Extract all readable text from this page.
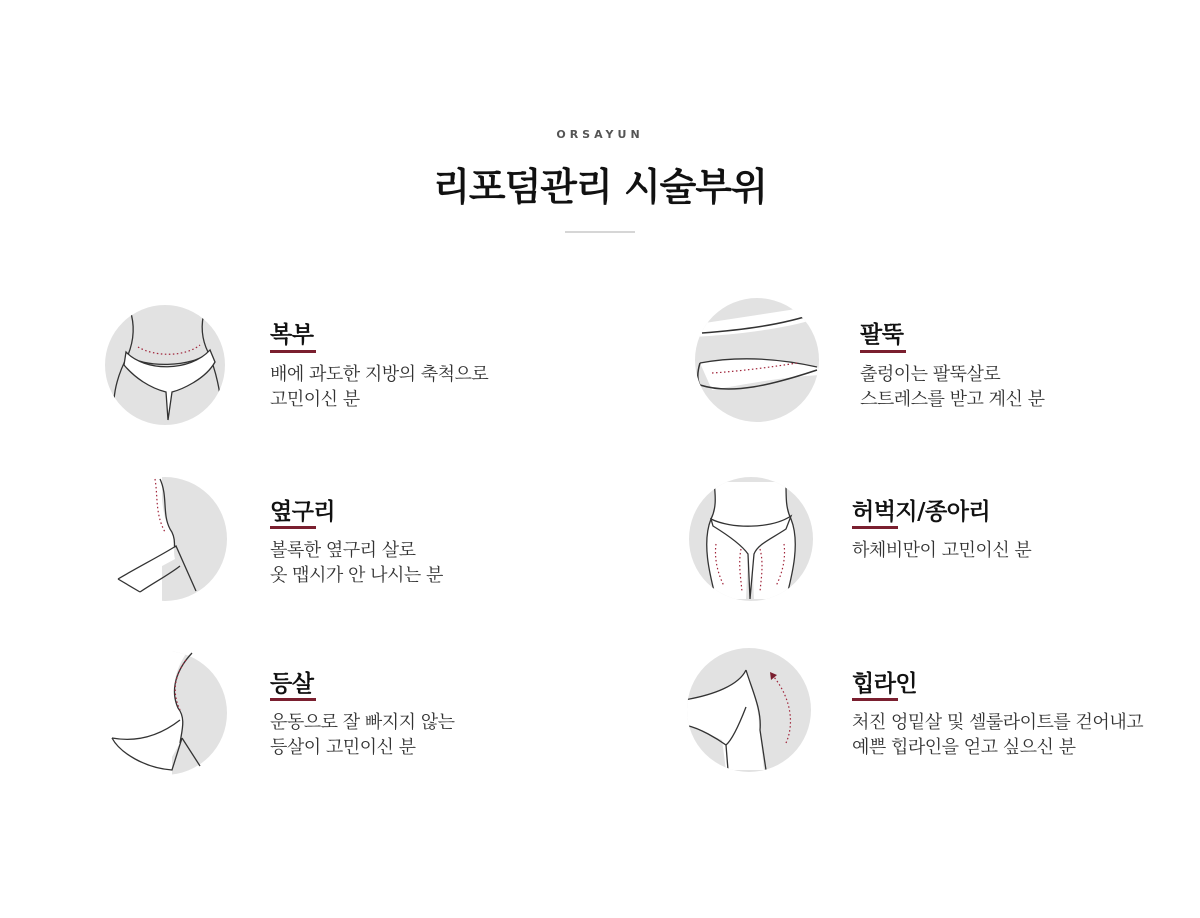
ORSAYUN
리포덤관리 시술부위
복부
배에 과도한 지방의 축척으로
고민이신 분
팔뚝
출렁이는 팔뚝살로
스트레스를 받고 계신 분
옆구리
볼록한 옆구리 살로
옷 맵시가 안 나시는 분
허벅지/종아리
하체비만이 고민이신 분
등살
운동으로 잘 빠지지 않는
등살이 고민이신 분
힙라인
처진 엉밑살 및 셀룰라이트를 걷어내고
예쁜 힙라인을 얻고 싶으신 분
